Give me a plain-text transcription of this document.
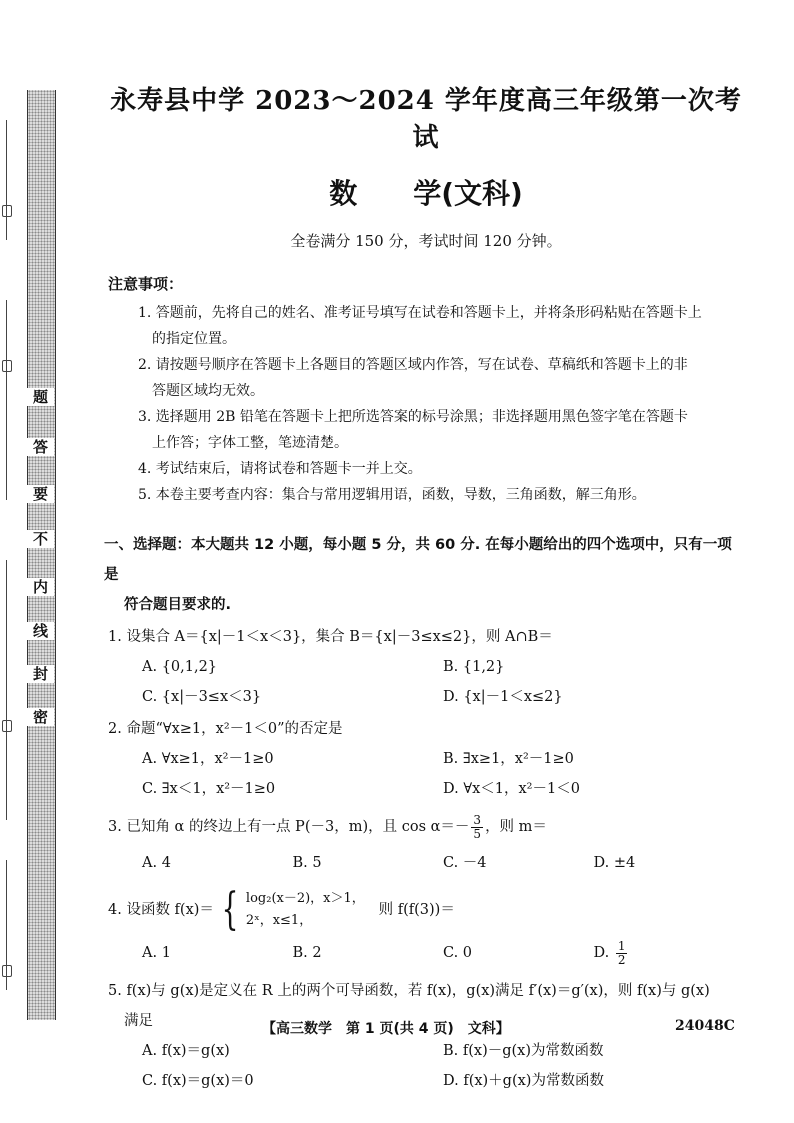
题
答
要
不
内
线
封
密
永寿县中学 2023～2024 学年度高三年级第一次考试
数 学(文科)
全卷满分 150 分，考试时间 120 分钟。
注意事项：
1. 答题前，先将自己的姓名、准考证号填写在试卷和答题卡上，并将条形码粘贴在答题卡上
的指定位置。
2. 请按题号顺序在答题卡上各题目的答题区域内作答，写在试卷、草稿纸和答题卡上的非
答题区域均无效。
3. 选择题用 2B 铅笔在答题卡上把所选答案的标号涂黑；非选择题用黑色签字笔在答题卡
上作答；字体工整，笔迹清楚。
4. 考试结束后，请将试卷和答题卡一并上交。
5. 本卷主要考查内容：集合与常用逻辑用语，函数，导数，三角函数，解三角形。
一、选择题：本大题共 12 小题，每小题 5 分，共 60 分. 在每小题给出的四个选项中，只有一项是
符合题目要求的.
1. 设集合 A＝{x|－1＜x＜3}，集合 B＝{x|－3≤x≤2}，则 A∩B＝
A. {0,1,2}	B. {1,2}
C. {x|－3≤x＜3}	D. {x|－1＜x≤2}
2. 命题“∀x≥1，x²－1＜0”的否定是
A. ∀x≥1，x²－1≥0	B. ∃x≥1，x²－1≥0
C. ∃x＜1，x²－1≥0	D. ∀x＜1，x²－1＜0
3. 已知角 α 的终边上有一点 P(－3，m)，且 $\cos \alpha=- \frac{3}{5}$ ，则 m＝
A. 4	B. 5	C. －4	D. ±4
4. 设函数 f(x)＝ { log₂(x－2)，x＞1，
2ˣ，x≤1，
则 f(f(3))＝
A. 1	B. 2	C. 0	D. $\frac{1}{2}$
5. f(x)与 g(x)是定义在 R 上的两个可导函数，若 f(x)，g(x)满足 f′(x)＝g′(x)，则 f(x)与 g(x)
满足
A. f(x)＝g(x)	B. f(x)－g(x)为常数函数
C. f(x)＝g(x)＝0	D. f(x)＋g(x)为常数函数
【高三数学　第 1 页(共 4 页)　文科】	24048C
